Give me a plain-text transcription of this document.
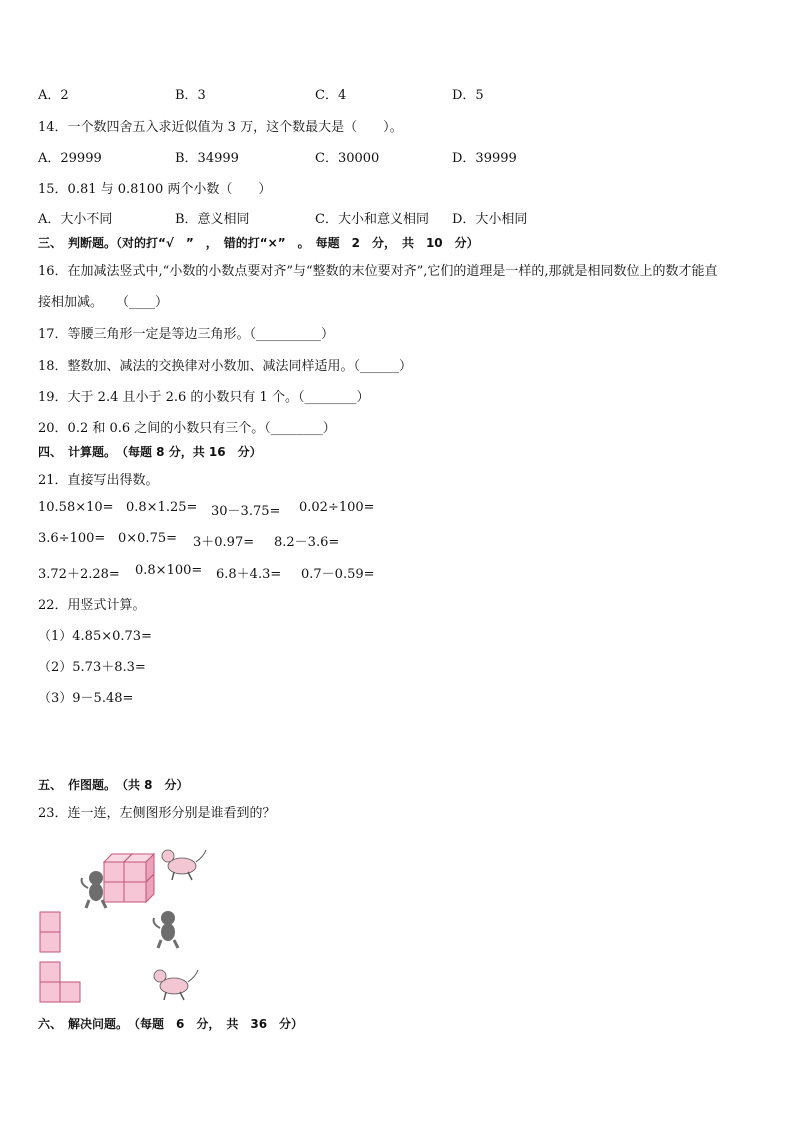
A．2	B．3	C．4	D．5
14．一个数四舍五入求近似值为 3 万，这个数最大是（　　）。
A．29999	B．34999	C．30000	D．39999
15．0.81 与 0.8100 两个小数（　　）
A．大小不同	B．意义相同	C．大小和意义相同 D．大小相同
三、　判断题。（对的打“√　”　，　错的打“×”　。　每题　2　分，　共　10　分）
16．在加减法竖式中,“小数的小数点要对齐”与“整数的末位要对齐”,它们的道理是一样的,那就是相同数位上的数才能直
接相加减。　　（____）
17．等腰三角形一定是等边三角形。（__________）
18．整数加、减法的交换律对小数加、减法同样适用。（______）
19．大于 2.4 且小于 2.6 的小数只有 1 个。（________）
20．0.2 和 0.6 之间的小数只有三个。（________）
四、　计算题。　（每题 8 分，共 16　分）
21．直接写出得数。
10.58×10= 0.8×1.25= 30－3.75= 0.02÷100=
3.6÷100= 0×0.75= 3＋0.97= 8.2－3.6=
3.72＋2.28= 0.8×100= 6.8＋4.3= 0.7－0.59=
22．用竖式计算。
（1）4.85×0.73=
（2）5.73＋8.3=
（3）9－5.48=
五、　作图题。　（共 8　分）
23．连一连，左侧图形分别是谁看到的？
六、　解决问题。　（每题　6　分，　共　36　分）
